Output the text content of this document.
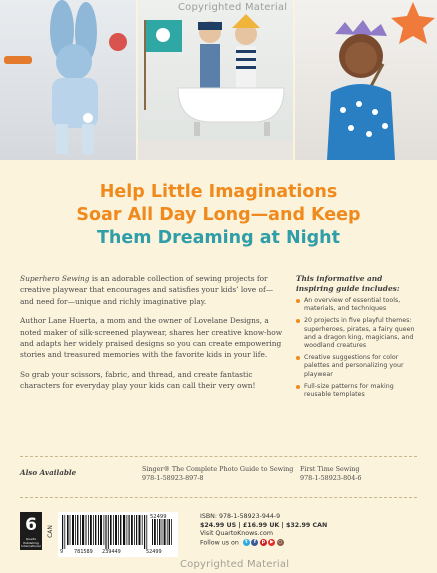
Copyrighted Material
Help Little Imaginations
Soar All Day Long—and Keep
Them Dreaming at Night

Superhero Sewing is an adorable collection of sewing projects for creative playwear that encourages and satisfies your kids’ love of—and need for—unique and richly imaginative play.

Author Lane Huerta, a mom and the owner of Lovelane Designs, a noted maker of silk-screened playwear, shares her creative know-how and adapts her widely praised designs so you can create empowering stories and treasured memories with the favorite kids in your life.

So grab your scissors, fabric, and thread, and create fantastic characters for everyday play your kids can call their very own!

This informative and inspiring guide includes:
An overview of essential tools, materials, and techniques
20 projects in five playful themes: superheroes, pirates, a fairy queen and a dragon king, magicians, and woodland creatures
Creative suggestions for color palettes and personalizing your playwear
Full-size patterns for making reusable templates
Also Available	Singer® The Complete Photo Guide to Sewing
978-1-58923-897-8
First Time Sewing
978-1-58923-804-6
6
Quarto Publishing International
CAN
52499
9 781589 239449	52499
ISBN: 978-1-58923-944-9
$24.99 US | £16.99 UK | $32.99 CAN
Visit QuartoKnows.com
Follow us on	t	f	p	▶ ○
Copyrighted Material
